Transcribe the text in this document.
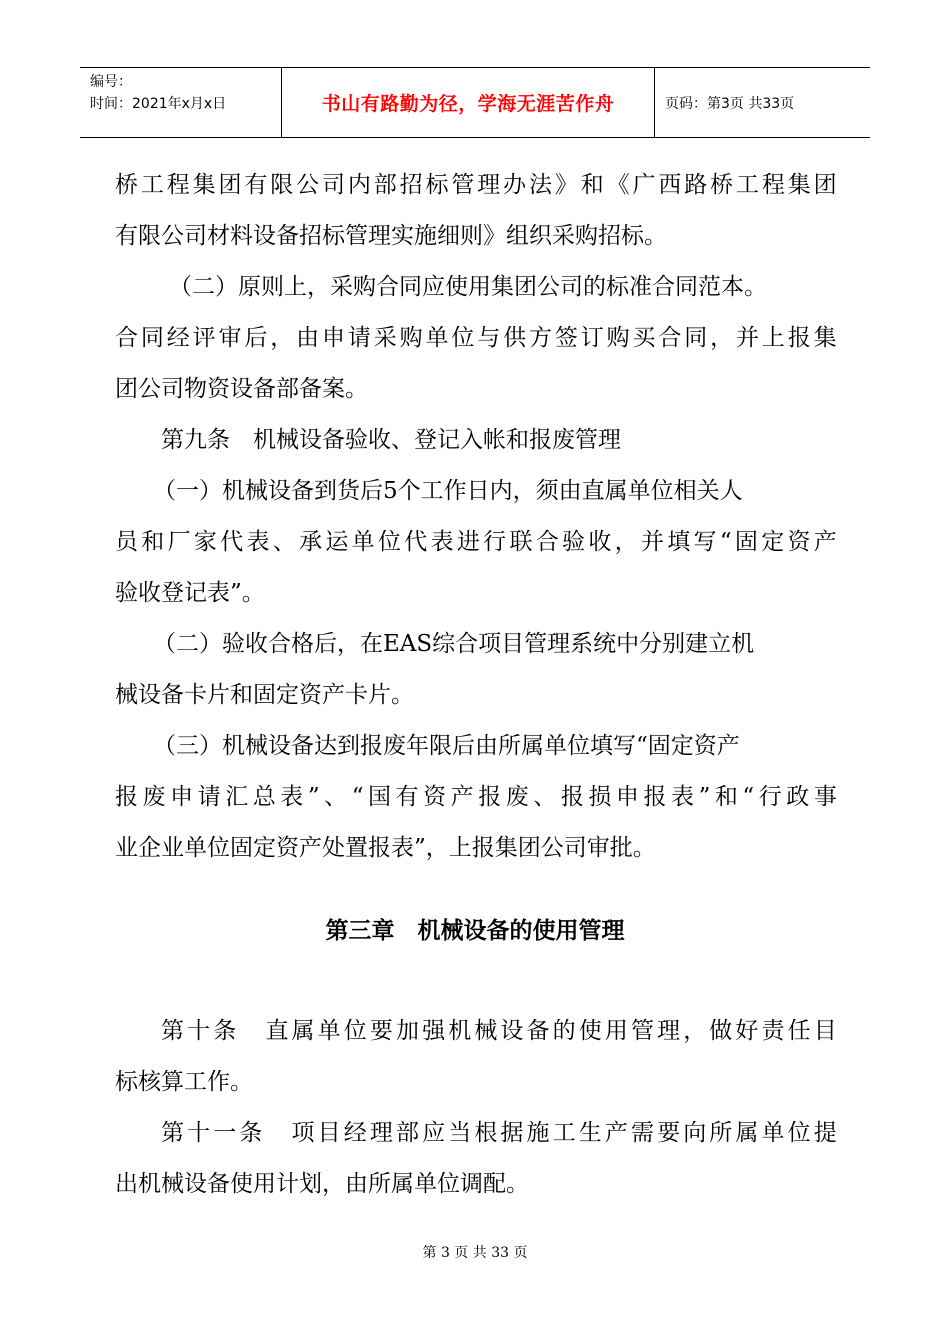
编号：
时间：2021年x月x日	书山有路勤为径，学海无涯苦作舟	页码：第3页 共33页
桥 工 程 集 团 有 限 公 司 内 部 招 标 管 理 办 法 》 和 《 广 西 路 桥 工 程 集 团
有限公司材料设备招标管理实施细则》组织采购招标。
（二）原则上，采购合同应使用集团公司的标准合同范本。
合 同 经 评 审 后 ， 由 申 请 采 购 单 位 与 供 方 签 订 购 买 合 同 ， 并 上 报 集
团公司物资设备部备案。
第九条　机械设备验收、登记入帐和报废管理
（一）机械设备到货后5个工作日内，须由直属单位相关人
员 和 厂 家 代 表 、 承 运 单 位 代 表 进 行 联 合 验 收 ， 并 填 写 “ 固 定 资 产
验收登记表”。
（二）验收合格后，在EAS综合项目管理系统中分别建立机
械设备卡片和固定资产卡片。
（三）机械设备达到报废年限后由所属单位填写“固定资产
报 废 申 请 汇 总 表 ” 、 “ 国 有 资 产 报 废 、 报 损 申 报 表 ” 和 “ 行 政 事
业企业单位固定资产处置报表”，上报集团公司审批。
第三章　机械设备的使用管理
第 十 条
　 直 属 单 位 要 加 强 机 械 设 备 的 使 用 管 理 ， 做 好 责 任 目
标核算工作。
第 十 一 条
　 项 目 经 理 部 应 当 根 据 施 工 生 产 需 要 向 所 属 单 位 提
出机械设备使用计划，由所属单位调配。
第 3 页 共 33 页
